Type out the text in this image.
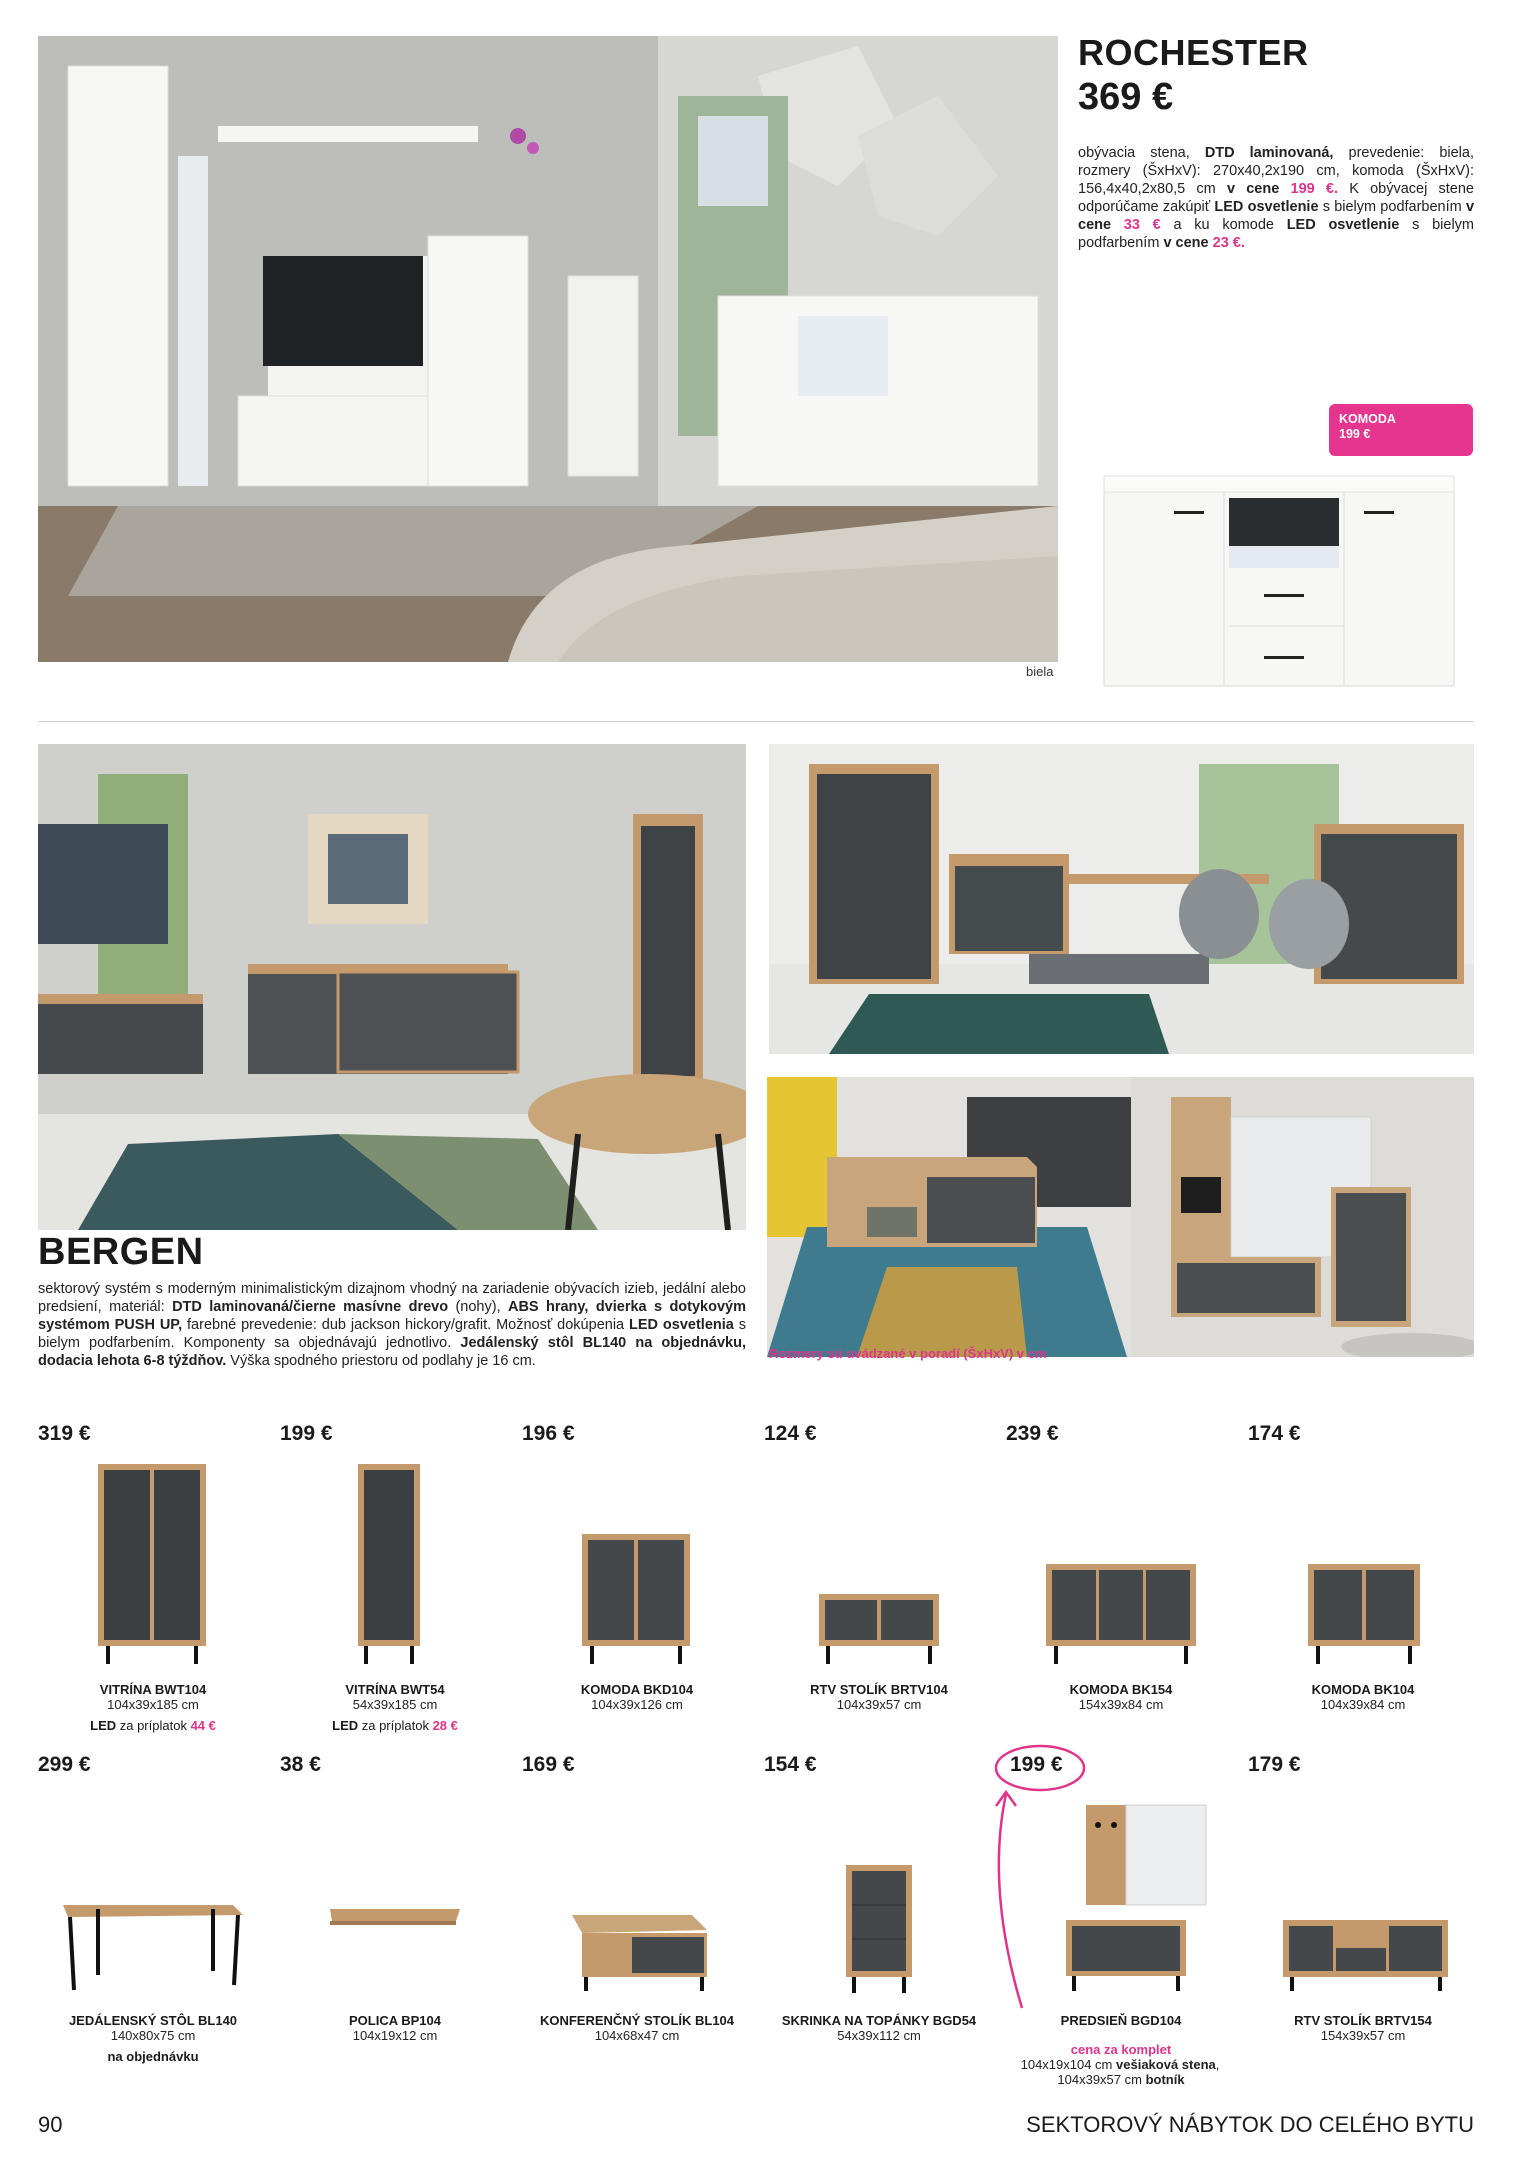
biela
ROCHESTER
369 €
obývacia stena, DTD laminovaná, prevedenie: biela, rozmery (ŠxHxV): 270x40,2x190 cm, komoda (ŠxHxV): 156,4x40,2x80,5 cm v cene 199 €. K obývacej stene odporúčame zakúpiť LED osvetlenie s bielym podfarbením v cene 33 € a ku komode LED osvetlenie s bielym podfarbením v cene 23 €.
KOMODA
199 €
Rozmery sú uvádzané v poradí (ŠxHxV) v cm
BERGEN
sektorový systém s moderným minimalistickým dizajnom vhodný na zariadenie obývacích izieb, jedální alebo predsiení, materiál: DTD laminovaná/čierne masívne drevo (nohy), ABS hrany, dvierka s dotykovým systémom PUSH UP, farebné prevedenie: dub jackson hickory/grafit. Možnosť dokúpenia LED osvetlenia s bielym podfarbením. Komponenty sa objednávajú jednotlivo. Jedálenský stôl BL140 na objednávku, dodacia lehota 6-8 týždňov. Výška spodného priestoru od podlahy je 16 cm.
319 €
VITRÍNA BWT104
104x39x185 cm
LED za príplatok 44 €
199 €
VITRÍNA BWT54
54x39x185 cm
LED za príplatok 28 €
196 €
KOMODA BKD104
104x39x126 cm
124 €
RTV STOLÍK BRTV104
104x39x57 cm
239 €
KOMODA BK154
154x39x84 cm
174 €
KOMODA BK104
104x39x84 cm
299 €
JEDÁLENSKÝ STÔL BL140
140x80x75 cm
na objednávku
38 €
POLICA BP104
104x19x12 cm
169 €
KONFERENČNÝ STOLÍK BL104
104x68x47 cm
154 €
SKRINKA NA TOPÁNKY BGD54
54x39x112 cm
199 €
PREDSIEŇ BGD104
cena za komplet
104x19x104 cm vešiaková stena,
104x39x57 cm botník
179 €
RTV STOLÍK BRTV154
154x39x57 cm
90	SEKTOROVÝ NÁBYTOK DO CELÉHO BYTU
